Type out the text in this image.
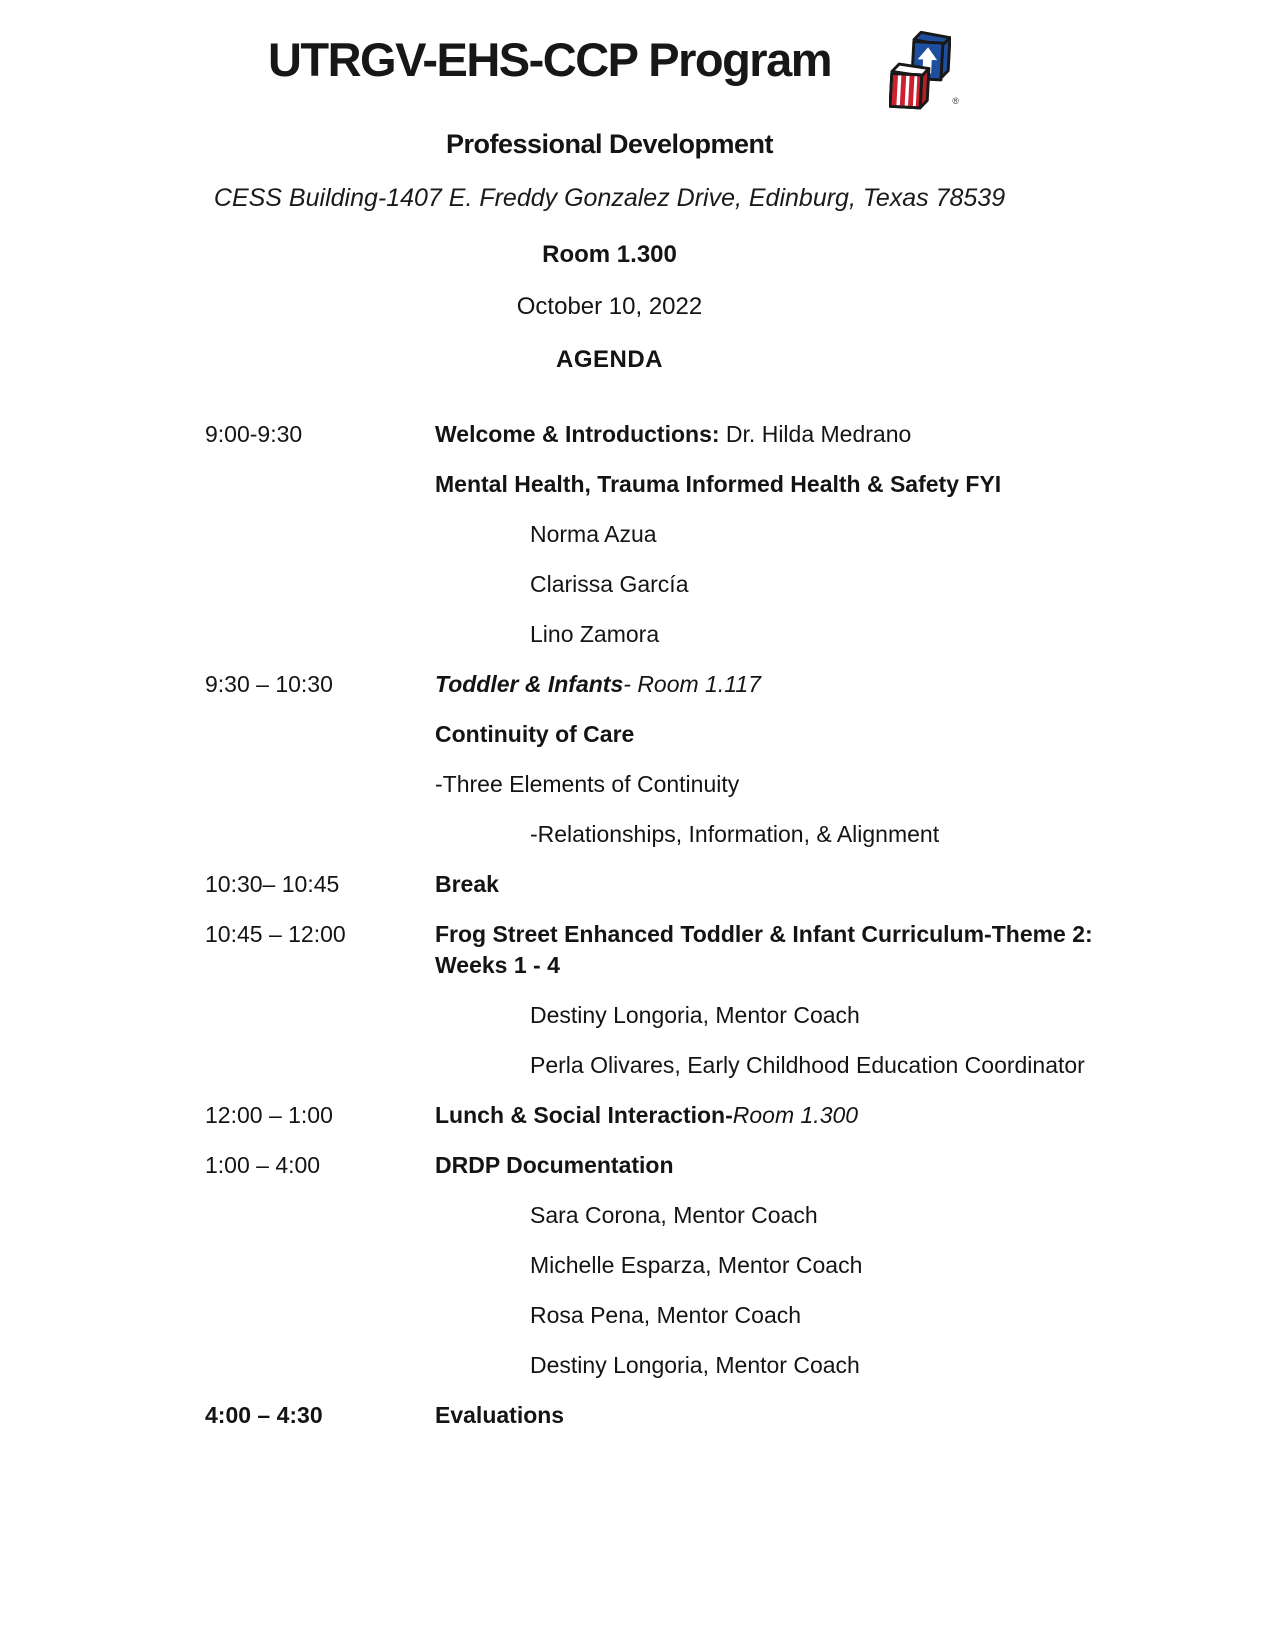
UTRGV-EHS-CCP Program
®
Professional Development
CESS Building-1407 E. Freddy Gonzalez Drive, Edinburg, Texas 78539
Room 1.300
October 10, 2022
AGENDA
9:00-9:30	Welcome & Introductions: Dr. Hilda Medrano
Mental Health, Trauma Informed Health & Safety FYI
Norma Azua
Clarissa García
Lino Zamora
9:30 – 10:30	Toddler & Infants- Room 1.117
Continuity of Care
-Three Elements of Continuity
-Relationships, Information, & Alignment
10:30– 10:45	Break
10:45 – 12:00	Frog Street Enhanced Toddler & Infant Curriculum-Theme 2:
Weeks 1 - 4
Destiny Longoria, Mentor Coach
Perla Olivares, Early Childhood Education Coordinator
12:00 – 1:00	Lunch & Social Interaction-Room 1.300
1:00 – 4:00	DRDP Documentation
Sara Corona, Mentor Coach
Michelle Esparza, Mentor Coach
Rosa Pena, Mentor Coach
Destiny Longoria, Mentor Coach
4:00 – 4:30	Evaluations
